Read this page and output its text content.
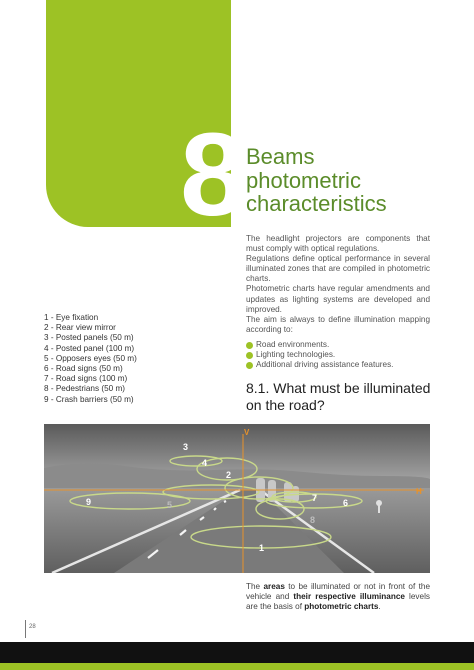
8 Beams
photometric
characteristics

The headlight projectors are components that must comply with optical regulations.

Regulations define optical performance in several illuminated zones that are compiled in photometric charts.

Photometric charts have regular amendments and updates as lighting systems are developed and improved.

The aim is always to define illumination mapping according to:

Road environments.
Lighting technologies.
Additional driving assistance features.
8.1. What must be illuminated on the road?
1 - Eye fixation
2 - Rear view mirror
3 - Posted panels (50 m)
4 - Posted panel (100 m)
5 - Opposers eyes (50 m)
6 - Road signs (50 m)
7 - Road signs (100 m)
8 - Pedestrians (50 m)
9 - Crash barriers (50 m)
V
H
1
2
3
4
5	6
7
8
9
The areas to be illuminated or not in front of the vehicle and their respective illuminance levels are the basis of photometric charts.
28
